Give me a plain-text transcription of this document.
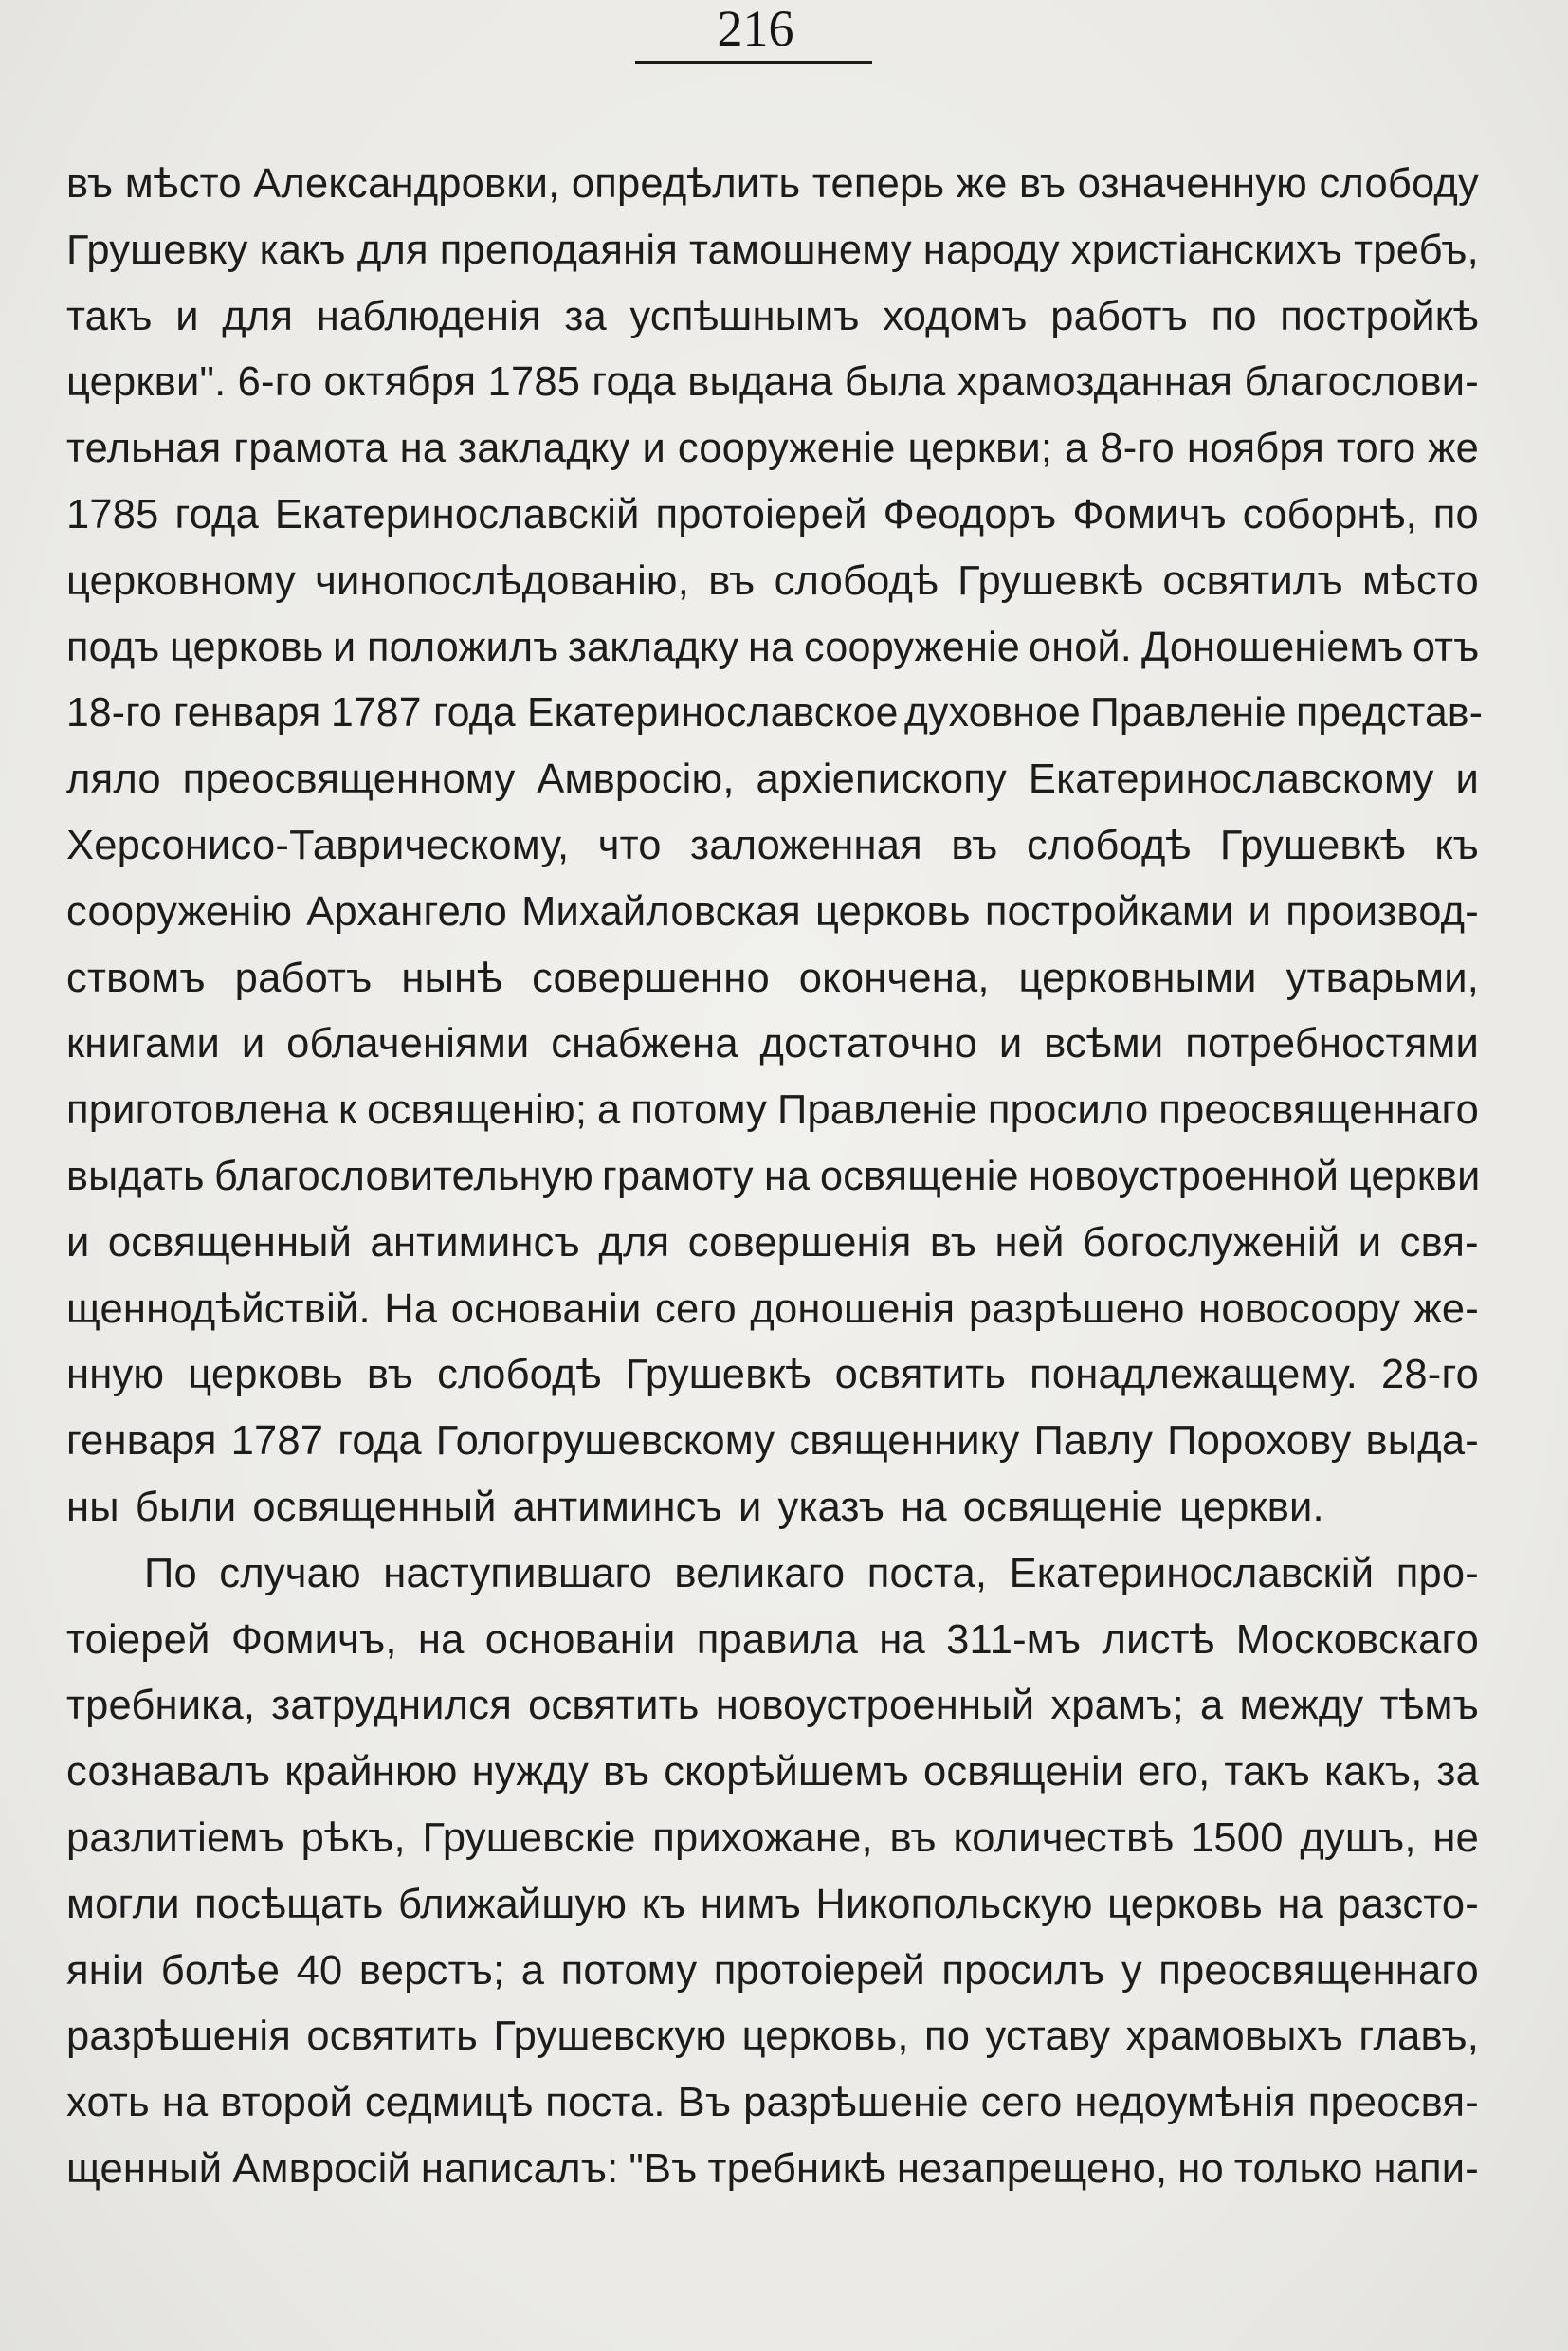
216
въ мѣсто Александровки, опредѣлить теперь же въ означенную слободу
Грушевку какъ для преподаянія тамошнему народу христіанскихъ требъ,
такъ и для наблюденія за успѣшнымъ ходомъ работъ по постройкѣ
церкви". 6-го октября 1785 года выдана была храмозданная благослови-
тельная грамота на закладку и сооруженіе церкви; а 8-го ноября того же
1785 года Екатеринославскій протоіерей Феодоръ Фомичъ соборнѣ, по
церковному чинопослѣдованію, въ слободѣ Грушевкѣ освятилъ мѣсто
подъ церковь и положилъ закладку на сооруженіе оной. Доношеніемъ отъ
18-го генваря 1787 года Екатеринославское духовное Правленіе представ-
ляло преосвященному Амвросію, архіепископу Екатеринославскому и
Херсонисо-Таврическому, что заложенная въ слободѣ Грушевкѣ къ
сооруженію Архангело Михайловская церковь постройками и производ-
ствомъ работъ нынѣ совершенно окончена, церковными утварьми,
книгами и облаченіями снабжена достаточно и всѣми потребностями
приготовлена к освященію; а потому Правленіе просило преосвященнаго
выдать благословительную грамоту на освященіе новоустроенной церкви
и освященный антиминсъ для совершенія въ ней богослуженій и свя-
щеннодѣйствій. На основаніи сего доношенія разрѣшено новосоору же-
нную церковь въ слободѣ Грушевкѣ освятить понадлежащему. 28-го
генваря 1787 года Гологрушевскому священнику Павлу Порохову выда-
ны были освященный антиминсъ и указъ на освященіе церкви.
По случаю наступившаго великаго поста, Екатеринославскій про-
тоіерей Фомичъ, на основаніи правила на 311-мъ листѣ Московскаго
требника, затруднился освятить новоустроенный храмъ; а между тѣмъ
сознавалъ крайнюю нужду въ скорѣйшемъ освященіи его, такъ какъ, за
разлитіемъ рѣкъ, Грушевскіе прихожане, въ количествѣ 1500 душъ, не
могли посѣщать ближайшую къ нимъ Никопольскую церковь на разсто-
яніи болѣе 40 верстъ; а потому протоіерей просилъ у преосвященнаго
разрѣшенія освятить Грушевскую церковь, по уставу храмовыхъ главъ,
хоть на второй седмицѣ поста. Въ разрѣшеніе сего недоумѣнія преосвя-
щенный Амвросій написалъ: "Въ требникѣ незапрещено, но только напи-
